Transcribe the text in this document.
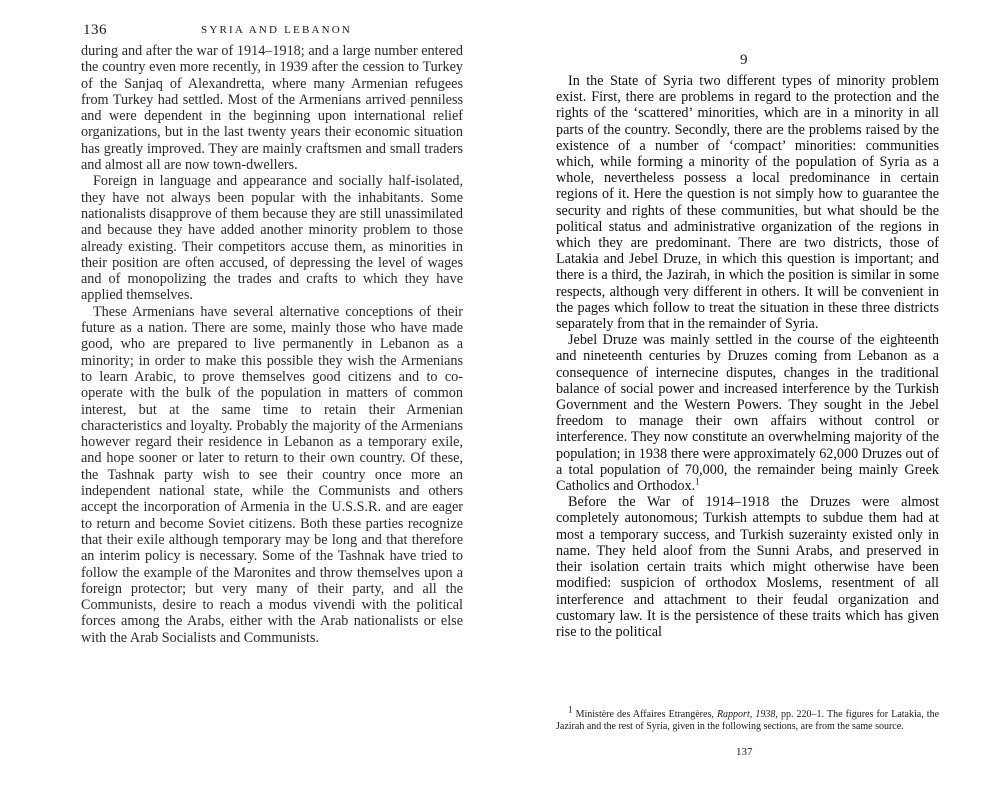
136	SYRIA AND LEBANON

during and after the war of 1914–1918; and a large number entered the country even more recently, in 1939 after the cession to Turkey of the Sanjaq of Alexandretta, where many Armenian refugees from Turkey had settled. Most of the Armenians arrived penniless and were dependent in the beginning upon international relief organizations, but in the last twenty years their economic situation has greatly improved. They are mainly craftsmen and small traders and almost all are now town-dwellers.

Foreign in language and appearance and socially half-isolated, they have not always been popular with the inhabitants. Some nationalists disapprove of them because they are still unassimilated and because they have added another minority problem to those already existing. Their competitors accuse them, as minorities in their position are often accused, of depressing the level of wages and of monopolizing the trades and crafts to which they have applied themselves.

These Armenians have several alternative conceptions of their future as a nation. There are some, mainly those who have made good, who are prepared to live permanently in Lebanon as a minority; in order to make this possible they wish the Armenians to learn Arabic, to prove themselves good citizens and to co-operate with the bulk of the population in matters of common interest, but at the same time to retain their Armenian characteristics and loyalty. Probably the majority of the Armenians however regard their residence in Lebanon as a temporary exile, and hope sooner or later to return to their own country. Of these, the Tashnak party wish to see their country once more an independent national state, while the Communists and others accept the incorporation of Armenia in the U.S.S.R. and are eager to return and become Soviet citizens. Both these parties recognize that their exile although temporary may be long and that therefore an interim policy is necessary. Some of the Tashnak have tried to follow the example of the Maronites and throw themselves upon a foreign protector; but very many of their party, and all the Communists, desire to reach a modus vivendi with the political forces among the Arabs, either with the Arab nationalists or else with the Arab Socialists and Communists.

9

In the State of Syria two different types of minority problem exist. First, there are problems in regard to the protection and the rights of the ‘scattered’ minorities, which are in a minority in all parts of the country. Secondly, there are the problems raised by the existence of a number of ‘compact’ minorities: communities which, while forming a minority of the population of Syria as a whole, nevertheless possess a local predominance in certain regions of it. Here the question is not simply how to guarantee the security and rights of these communities, but what should be the political status and administrative organization of the regions in which they are predominant. There are two districts, those of Latakia and Jebel Druze, in which this question is important; and there is a third, the Jazirah, in which the position is similar in some respects, although very different in others. It will be convenient in the pages which follow to treat the situation in these three districts separately from that in the remainder of Syria.

Jebel Druze was mainly settled in the course of the eighteenth and nineteenth centuries by Druzes coming from Lebanon as a consequence of internecine disputes, changes in the traditional balance of social power and increased interference by the Turkish Government and the Western Powers. They sought in the Jebel freedom to manage their own affairs without control or interference. They now constitute an overwhelming majority of the population; in 1938 there were approximately 62,000 Druzes out of a total population of 70,000, the remainder being mainly Greek Catholics and Orthodox.$^1$

Before the War of 1914–1918 the Druzes were almost completely autonomous; Turkish attempts to subdue them had at most a temporary success, and Turkish suzerainty existed only in name. They held aloof from the Sunni Arabs, and preserved in their isolation certain traits which might otherwise have been modified: suspicion of orthodox Moslems, resentment of all interference and attachment to their feudal organization and customary law. It is the persistence of these traits which has given rise to the political

$^1$ Ministère des Affaires Etrangères, Rapport, 1938, pp. 220–1. The figures for Latakia, the Jazirah and the rest of Syria, given in the following sections, are from the same source.
137
